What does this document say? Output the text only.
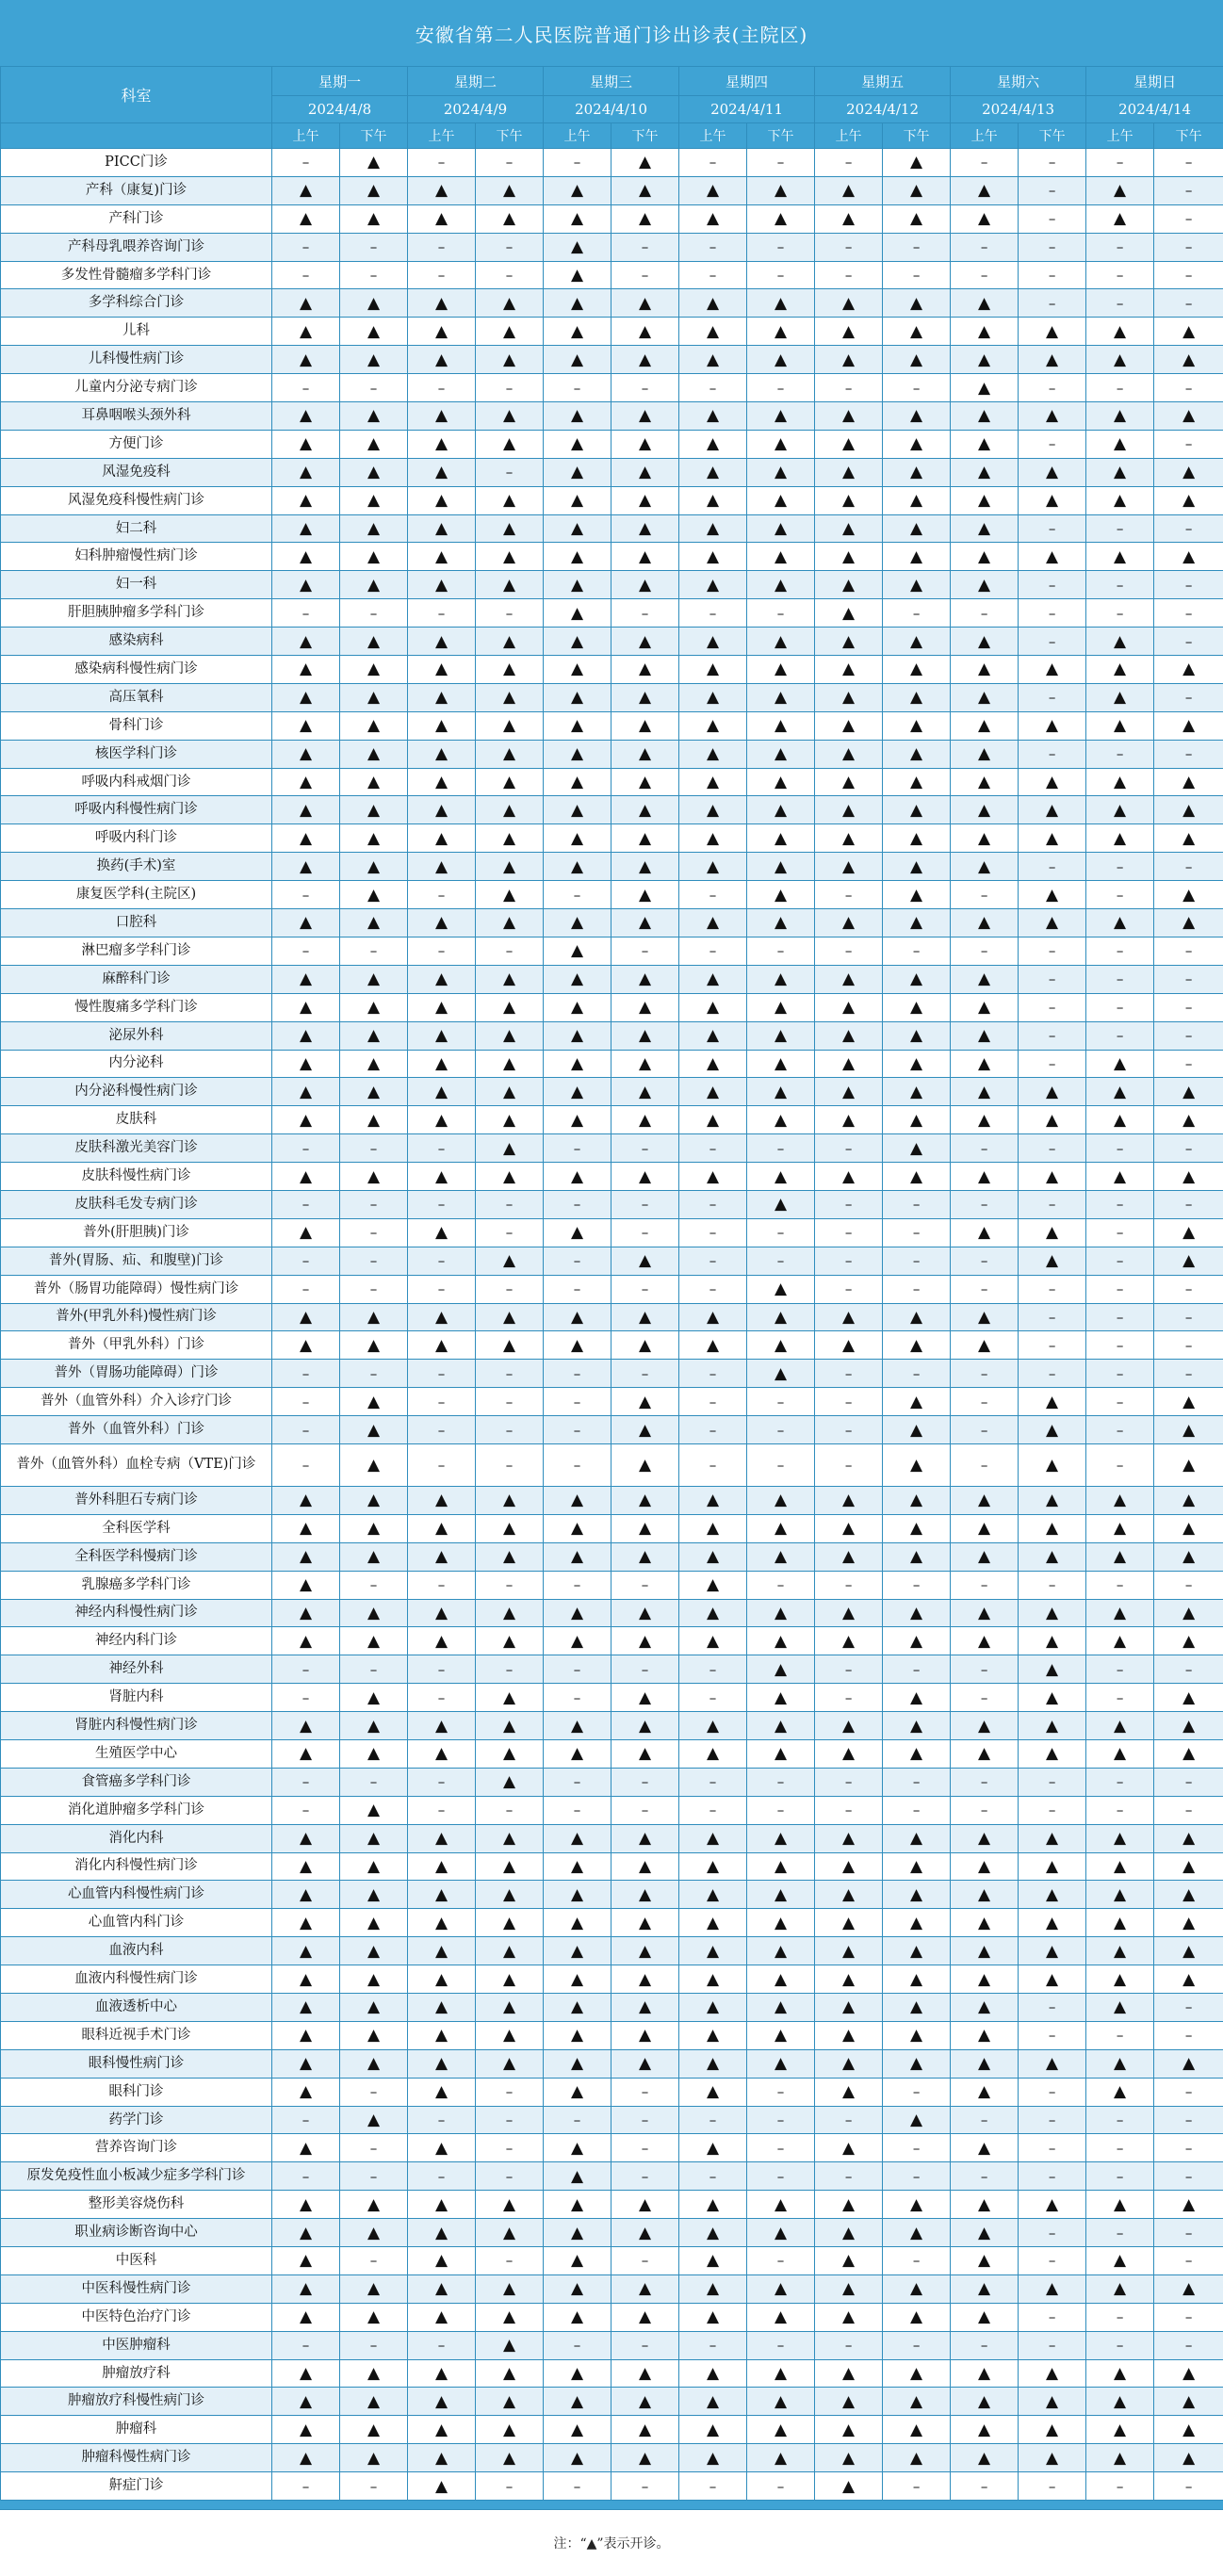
安徽省第二人民医院普通门诊出诊表(主院区)
科室	星期一		星期二		星期三		星期四		星期五		星期六		星期日	
	2024/4/8		2024/4/9		2024/4/10		2024/4/11		2024/4/12		2024/4/13		2024/4/14	
	上午	下午	上午	下午	上午	下午	上午	下午	上午	下午	上午	下午	上午	下午
PICC门诊	–	▲	–	–	–	▲	–	–	–	▲	–	–	–	–
产科（康复)门诊	▲	▲	▲	▲	▲	▲	▲	▲	▲	▲	▲	–	▲	–
产科门诊	▲	▲	▲	▲	▲	▲	▲	▲	▲	▲	▲	–	▲	–
产科母乳喂养咨询门诊	–	–	–	–	▲	–	–	–	–	–	–	–	–	–
多发性骨髓瘤多学科门诊	–	–	–	–	▲	–	–	–	–	–	–	–	–	–
多学科综合门诊	▲	▲	▲	▲	▲	▲	▲	▲	▲	▲	▲	–	–	–
儿科	▲	▲	▲	▲	▲	▲	▲	▲	▲	▲	▲	▲	▲	▲
儿科慢性病门诊	▲	▲	▲	▲	▲	▲	▲	▲	▲	▲	▲	▲	▲	▲
儿童内分泌专病门诊	–	–	–	–	–	–	–	–	–	–	▲	–	–	–
耳鼻咽喉头颈外科	▲	▲	▲	▲	▲	▲	▲	▲	▲	▲	▲	▲	▲	▲
方便门诊	▲	▲	▲	▲	▲	▲	▲	▲	▲	▲	▲	–	▲	–
风湿免疫科	▲	▲	▲	–	▲	▲	▲	▲	▲	▲	▲	▲	▲	▲
风湿免疫科慢性病门诊	▲	▲	▲	▲	▲	▲	▲	▲	▲	▲	▲	▲	▲	▲
妇二科	▲	▲	▲	▲	▲	▲	▲	▲	▲	▲	▲	–	–	–
妇科肿瘤慢性病门诊	▲	▲	▲	▲	▲	▲	▲	▲	▲	▲	▲	▲	▲	▲
妇一科	▲	▲	▲	▲	▲	▲	▲	▲	▲	▲	▲	–	–	–
肝胆胰肿瘤多学科门诊	–	–	–	–	▲	–	–	–	▲	–	–	–	–	–
感染病科	▲	▲	▲	▲	▲	▲	▲	▲	▲	▲	▲	–	▲	–
感染病科慢性病门诊	▲	▲	▲	▲	▲	▲	▲	▲	▲	▲	▲	▲	▲	▲
高压氧科	▲	▲	▲	▲	▲	▲	▲	▲	▲	▲	▲	–	▲	–
骨科门诊	▲	▲	▲	▲	▲	▲	▲	▲	▲	▲	▲	▲	▲	▲
核医学科门诊	▲	▲	▲	▲	▲	▲	▲	▲	▲	▲	▲	–	–	–
呼吸内科戒烟门诊	▲	▲	▲	▲	▲	▲	▲	▲	▲	▲	▲	▲	▲	▲
呼吸内科慢性病门诊	▲	▲	▲	▲	▲	▲	▲	▲	▲	▲	▲	▲	▲	▲
呼吸内科门诊	▲	▲	▲	▲	▲	▲	▲	▲	▲	▲	▲	▲	▲	▲
换药(手术)室	▲	▲	▲	▲	▲	▲	▲	▲	▲	▲	▲	–	–	–
康复医学科(主院区)	–	▲	–	▲	–	▲	–	▲	–	▲	–	▲	–	▲
口腔科	▲	▲	▲	▲	▲	▲	▲	▲	▲	▲	▲	▲	▲	▲
淋巴瘤多学科门诊	–	–	–	–	▲	–	–	–	–	–	–	–	–	–
麻醉科门诊	▲	▲	▲	▲	▲	▲	▲	▲	▲	▲	▲	–	–	–
慢性腹痛多学科门诊	▲	▲	▲	▲	▲	▲	▲	▲	▲	▲	▲	–	–	–
泌尿外科	▲	▲	▲	▲	▲	▲	▲	▲	▲	▲	▲	–	–	–
内分泌科	▲	▲	▲	▲	▲	▲	▲	▲	▲	▲	▲	–	▲	–
内分泌科慢性病门诊	▲	▲	▲	▲	▲	▲	▲	▲	▲	▲	▲	▲	▲	▲
皮肤科	▲	▲	▲	▲	▲	▲	▲	▲	▲	▲	▲	▲	▲	▲
皮肤科激光美容门诊	–	–	–	▲	–	–	–	–	–	▲	–	–	–	–
皮肤科慢性病门诊	▲	▲	▲	▲	▲	▲	▲	▲	▲	▲	▲	▲	▲	▲
皮肤科毛发专病门诊	–	–	–	–	–	–	–	▲	–	–	–	–	–	–
普外(肝胆胰)门诊	▲	–	▲	–	▲	–	–	–	–	–	▲	▲	–	▲
普外(胃肠、疝、和腹壁)门诊	–	–	–	▲	–	▲	–	–	–	–	–	▲	–	▲
普外（肠胃功能障碍）慢性病门诊	–	–	–	–	–	–	–	▲	–	–	–	–	–	–
普外(甲乳外科)慢性病门诊	▲	▲	▲	▲	▲	▲	▲	▲	▲	▲	▲	–	–	–
普外（甲乳外科）门诊	▲	▲	▲	▲	▲	▲	▲	▲	▲	▲	▲	–	–	–
普外（胃肠功能障碍）门诊	–	–	–	–	–	–	–	▲	–	–	–	–	–	–
普外（血管外科）介入诊疗门诊	–	▲	–	–	–	▲	–	–	–	▲	–	▲	–	▲
普外（血管外科）门诊	–	▲	–	–	–	▲	–	–	–	▲	–	▲	–	▲
普外（血管外科）血栓专病（VTE)门诊	–	▲	–	–	–	▲	–	–	–	▲	–	▲	–	▲
普外科胆石专病门诊	▲	▲	▲	▲	▲	▲	▲	▲	▲	▲	▲	▲	▲	▲
全科医学科	▲	▲	▲	▲	▲	▲	▲	▲	▲	▲	▲	▲	▲	▲
全科医学科慢病门诊	▲	▲	▲	▲	▲	▲	▲	▲	▲	▲	▲	▲	▲	▲
乳腺癌多学科门诊	▲	–	–	–	–	–	▲	–	–	–	–	–	–	–
神经内科慢性病门诊	▲	▲	▲	▲	▲	▲	▲	▲	▲	▲	▲	▲	▲	▲
神经内科门诊	▲	▲	▲	▲	▲	▲	▲	▲	▲	▲	▲	▲	▲	▲
神经外科	–	–	–	–	–	–	–	▲	–	–	–	▲	–	–
肾脏内科	–	▲	–	▲	–	▲	–	▲	–	▲	–	▲	–	▲
肾脏内科慢性病门诊	▲	▲	▲	▲	▲	▲	▲	▲	▲	▲	▲	▲	▲	▲
生殖医学中心	▲	▲	▲	▲	▲	▲	▲	▲	▲	▲	▲	▲	▲	▲
食管癌多学科门诊	–	–	–	▲	–	–	–	–	–	–	–	–	–	–
消化道肿瘤多学科门诊	–	▲	–	–	–	–	–	–	–	–	–	–	–	–
消化内科	▲	▲	▲	▲	▲	▲	▲	▲	▲	▲	▲	▲	▲	▲
消化内科慢性病门诊	▲	▲	▲	▲	▲	▲	▲	▲	▲	▲	▲	▲	▲	▲
心血管内科慢性病门诊	▲	▲	▲	▲	▲	▲	▲	▲	▲	▲	▲	▲	▲	▲
心血管内科门诊	▲	▲	▲	▲	▲	▲	▲	▲	▲	▲	▲	▲	▲	▲
血液内科	▲	▲	▲	▲	▲	▲	▲	▲	▲	▲	▲	▲	▲	▲
血液内科慢性病门诊	▲	▲	▲	▲	▲	▲	▲	▲	▲	▲	▲	▲	▲	▲
血液透析中心	▲	▲	▲	▲	▲	▲	▲	▲	▲	▲	▲	–	▲	–
眼科近视手术门诊	▲	▲	▲	▲	▲	▲	▲	▲	▲	▲	▲	–	–	–
眼科慢性病门诊	▲	▲	▲	▲	▲	▲	▲	▲	▲	▲	▲	▲	▲	▲
眼科门诊	▲	–	▲	–	▲	–	▲	–	▲	–	▲	–	▲	–
药学门诊	–	▲	–	–	–	–	–	–	–	▲	–	–	–	–
营养咨询门诊	▲	–	▲	–	▲	–	▲	–	▲	–	▲	–	–	–
原发免疫性血小板减少症多学科门诊	–	–	–	–	▲	–	–	–	–	–	–	–	–	–
整形美容烧伤科	▲	▲	▲	▲	▲	▲	▲	▲	▲	▲	▲	▲	▲	▲
职业病诊断咨询中心	▲	▲	▲	▲	▲	▲	▲	▲	▲	▲	▲	–	–	–
中医科	▲	–	▲	–	▲	–	▲	–	▲	–	▲	–	▲	–
中医科慢性病门诊	▲	▲	▲	▲	▲	▲	▲	▲	▲	▲	▲	▲	▲	▲
中医特色治疗门诊	▲	▲	▲	▲	▲	▲	▲	▲	▲	▲	▲	–	–	–
中医肿瘤科	–	–	–	▲	–	–	–	–	–	–	–	–	–	–
肿瘤放疗科	▲	▲	▲	▲	▲	▲	▲	▲	▲	▲	▲	▲	▲	▲
肿瘤放疗科慢性病门诊	▲	▲	▲	▲	▲	▲	▲	▲	▲	▲	▲	▲	▲	▲
肿瘤科	▲	▲	▲	▲	▲	▲	▲	▲	▲	▲	▲	▲	▲	▲
肿瘤科慢性病门诊	▲	▲	▲	▲	▲	▲	▲	▲	▲	▲	▲	▲	▲	▲
鼾症门诊	–	–	▲	–	–	–	–	–	▲	–	–	–	–	–
注：“▲”表示开诊。
